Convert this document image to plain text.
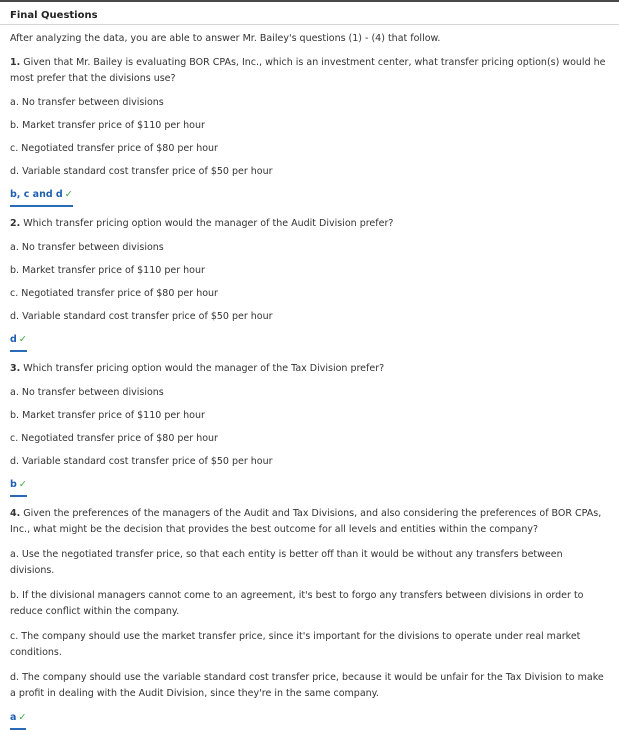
Final Questions
After analyzing the data, you are able to answer Mr. Bailey's questions (1) - (4) that follow.
1. Given that Mr. Bailey is evaluating BOR CPAs, Inc., which is an investment center, what transfer pricing option(s) would he most prefer that the divisions use?
a. No transfer between divisions
b. Market transfer price of $110 per hour
c. Negotiated transfer price of $80 per hour
d. Variable standard cost transfer price of $50 per hour
b, c and d ✓
2. Which transfer pricing option would the manager of the Audit Division prefer?
a. No transfer between divisions
b. Market transfer price of $110 per hour
c. Negotiated transfer price of $80 per hour
d. Variable standard cost transfer price of $50 per hour
d ✓
3. Which transfer pricing option would the manager of the Tax Division prefer?
a. No transfer between divisions
b. Market transfer price of $110 per hour
c. Negotiated transfer price of $80 per hour
d. Variable standard cost transfer price of $50 per hour
b ✓
4. Given the preferences of the managers of the Audit and Tax Divisions, and also considering the preferences of BOR CPAs, Inc., what might be the decision that provides the best outcome for all levels and entities within the company?
a. Use the negotiated transfer price, so that each entity is better off than it would be without any transfers between divisions.
b. If the divisional managers cannot come to an agreement, it's best to forgo any transfers between divisions in order to reduce conflict within the company.
c. The company should use the market transfer price, since it's important for the divisions to operate under real market conditions.
d. The company should use the variable standard cost transfer price, because it would be unfair for the Tax Division to make a profit in dealing with the Audit Division, since they're in the same company.
a ✓
